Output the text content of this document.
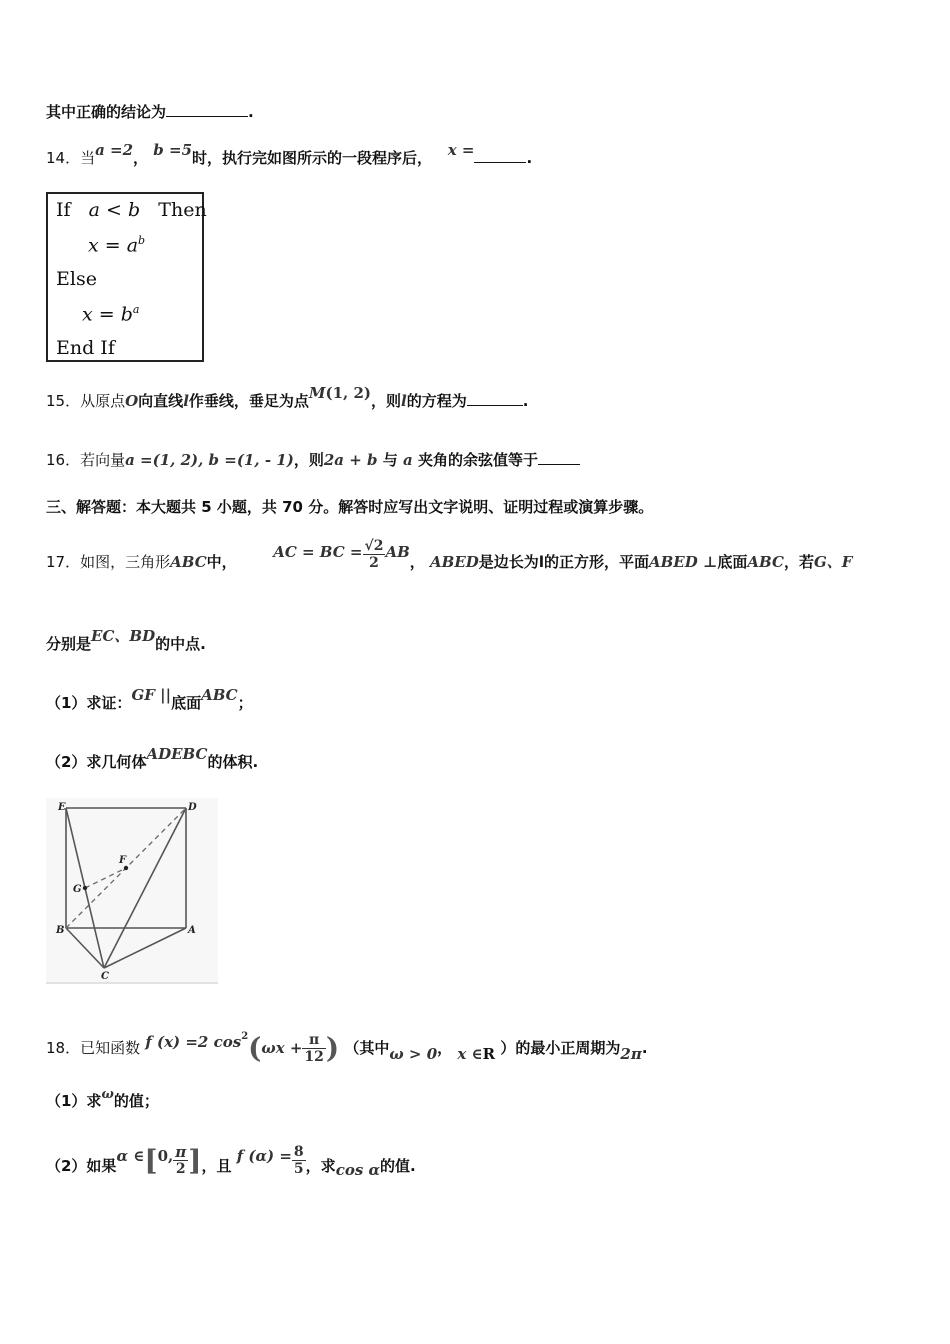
其中正确的结论为	.
14．当a =2， b =5时，执行完如图所示的一段程序后， x =	.
If a < b Then
$x = a^b$
Else
$x = b^a$
End If
15．从原点O向直线l作垂线，垂足为点M(1, 2)，则l的方程为	.
16．若向量a =(1, 2), b =(1, - 1)，则2a + b 与 a 夹角的余弦值等于
三、解答题：本大题共 5 小题，共 70 分。解答时应写出文字说明、证明过程或演算步骤。
17．如图，三角形ABC中，       AC = BC = $\frac{√2}{2}$ AB， ABED是边长为l的正方形，平面ABED ⊥底面ABC，若G、F
分别是EC、BD的中点.
（1）求证：GF ||底面ABC；
（2）求几何体ADEBC的体积.
E	D
F
G
B	A
C
18．已知函数 f (x) =2 $\cos^2(\omega x + \frac{\pi}{12}$ ) （其中ω > 0， x ∈R ）的最小正周期为2π.
（1）求ω的值；
（2）如果α ∈[0, $\frac{\pi}{2}$ ]，且 f $(\alpha) = \frac{8}{5}$ ，求cos α的值.
